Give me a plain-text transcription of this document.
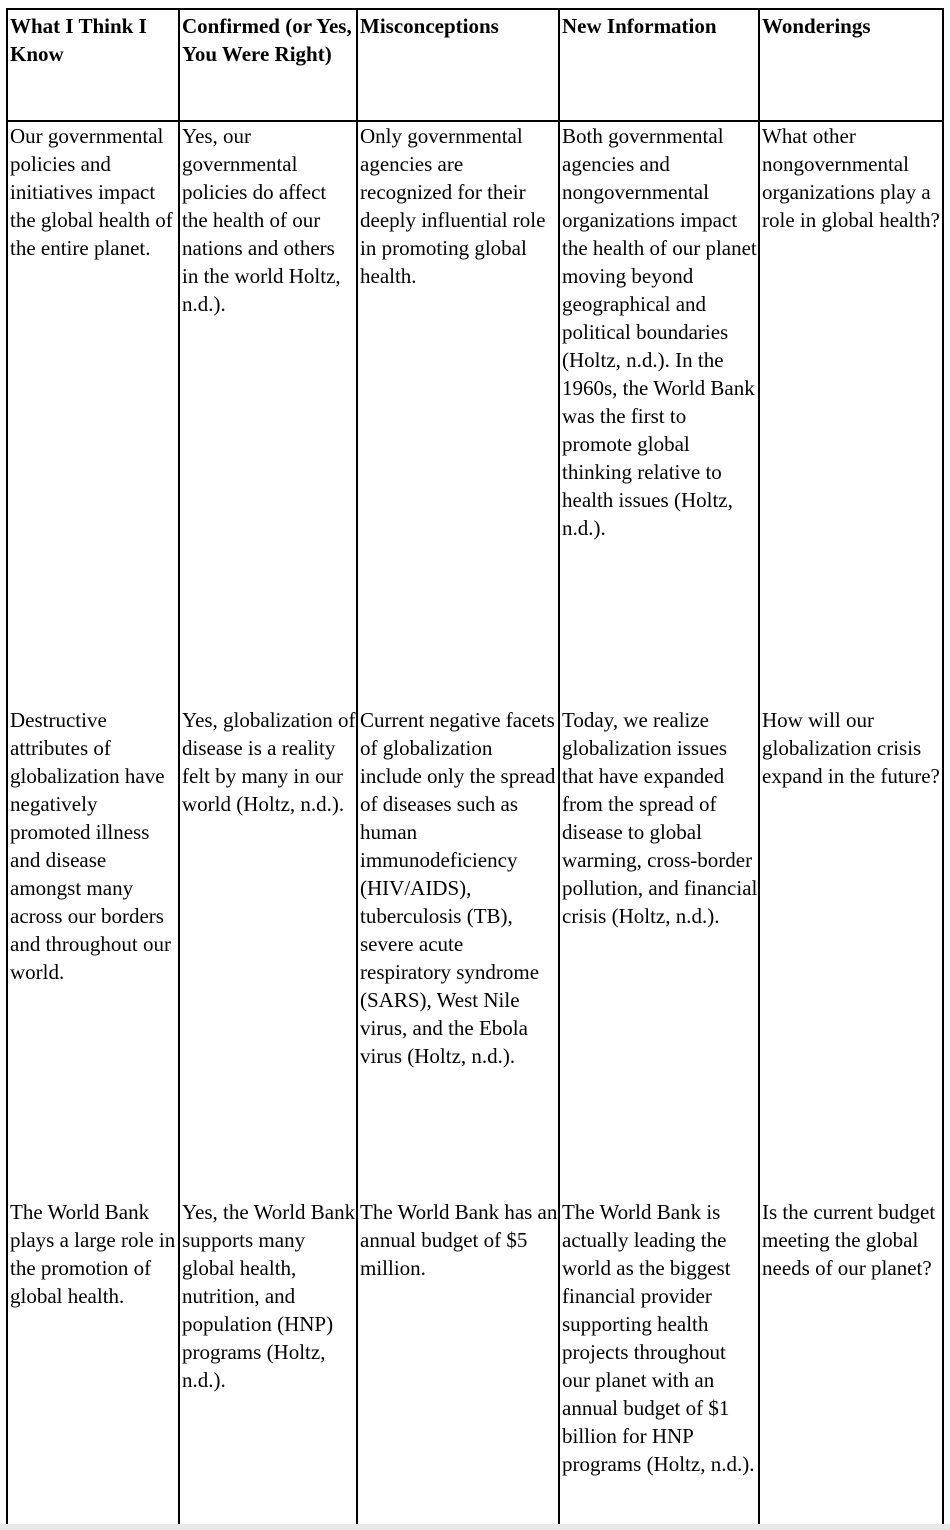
What I Think I Know	Confirmed (or Yes, You Were Right)	Misconceptions	New Information	Wonderings
Our governmental policies and initiatives impact the global health of the entire planet.	Yes, our governmental policies do affect the health of our nations and others in the world Holtz, n.d.).	Only governmental agencies are recognized for their deeply influential role in promoting global health.	Both governmental agencies and nongovernmental organizations impact the health of our planet moving beyond geographical and political boundaries (Holtz, n.d.). In the 1960s, the World Bank was the first to promote global thinking relative to health issues (Holtz, n.d.).	What other nongovernmental organizations play a role in global health?
Destructive attributes of globalization have negatively promoted illness and disease amongst many across our borders and throughout our world.	Yes, globalization of disease is a reality felt by many in our world (Holtz, n.d.).	Current negative facets of globalization include only the spread of diseases such as human immunodeficiency (HIV/AIDS), tuberculosis (TB), severe acute respiratory syndrome (SARS), West Nile virus, and the Ebola virus (Holtz, n.d.).	Today, we realize globalization issues that have expanded from the spread of disease to global warming, cross-border pollution, and financial crisis (Holtz, n.d.).	How will our globalization crisis expand in the future?
The World Bank plays a large role in the promotion of global health.	Yes, the World Bank supports many global health, nutrition, and population (HNP) programs (Holtz, n.d.).	The World Bank has an annual budget of $5 million.	The World Bank is actually leading the world as the biggest financial provider supporting health projects throughout our planet with an annual budget of $1 billion for HNP programs (Holtz, n.d.).	Is the current budget meeting the global needs of our planet?
